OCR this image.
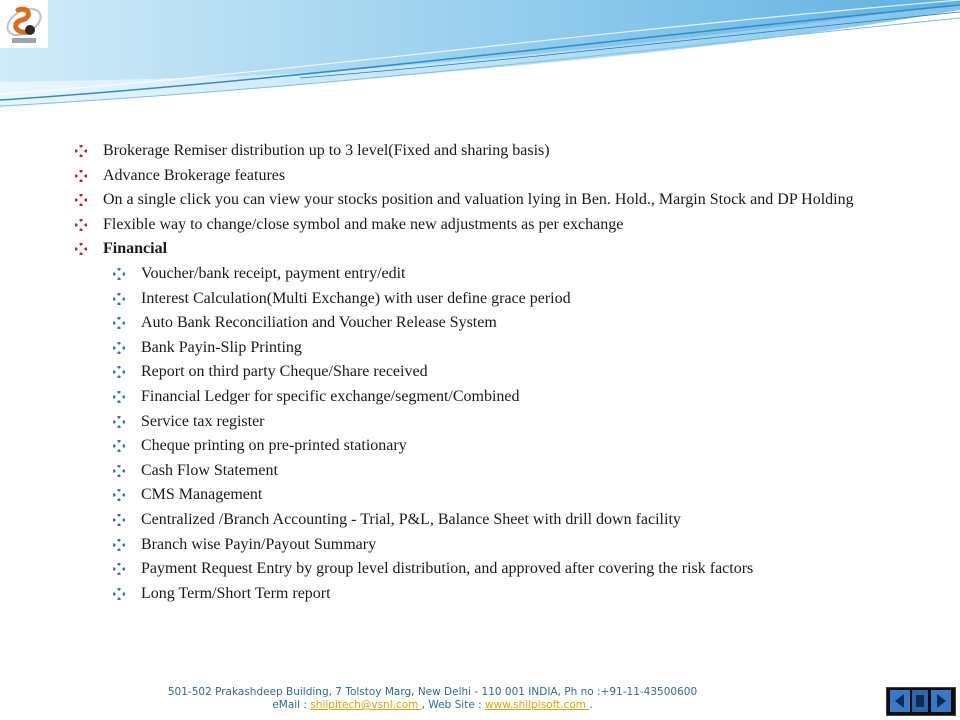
Brokerage Remiser distribution up to 3 level(Fixed and sharing basis)
Advance Brokerage features
On a single click you can view your stocks position and valuation lying in Ben. Hold., Margin Stock and DP Holding
Flexible way to change/close symbol and make new adjustments as per exchange
Financial
Voucher/bank receipt, payment entry/edit
Interest Calculation(Multi Exchange) with user define grace period
Auto Bank Reconciliation and Voucher Release System
Bank Payin-Slip Printing
Report on third party Cheque/Share received
Financial Ledger for specific exchange/segment/Combined
Service tax register
Cheque printing on pre-printed stationary
Cash Flow Statement
CMS Management
Centralized /Branch Accounting - Trial, P&L, Balance Sheet with drill down facility
Branch wise Payin/Payout Summary
Payment Request Entry by group level distribution, and approved after covering the risk factors
Long Term/Short Term report
501-502 Prakashdeep Building, 7 Tolstoy Marg, New Delhi - 110 001 INDIA, Ph no :+91-11-43500600
eMail : shilpitech@vsnl.com , Web Site : www.shilpisoft.com .
